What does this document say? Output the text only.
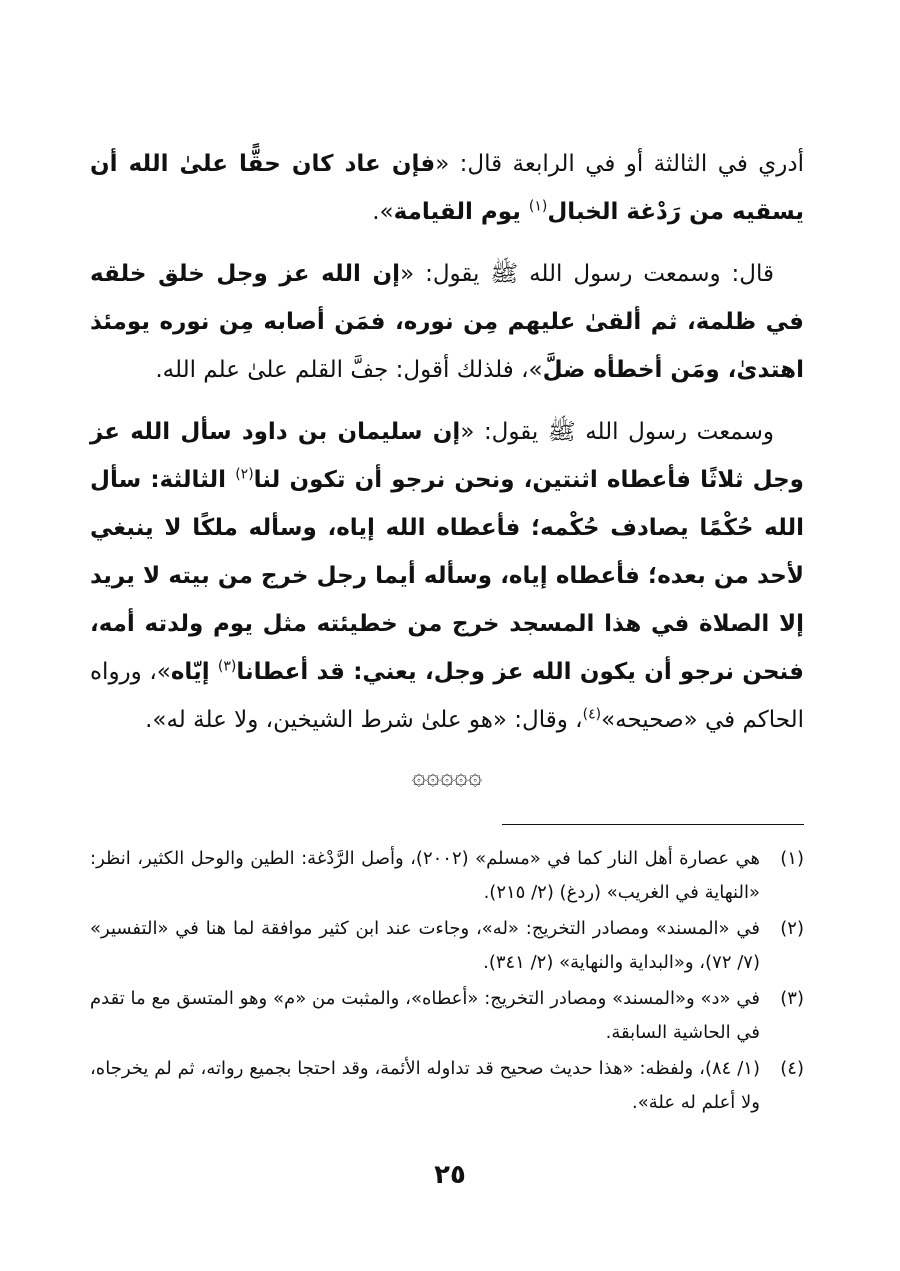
أدري في الثالثة أو في الرابعة قال: «فإن عاد كان حقًّا علىٰ الله أن يسقيه من رَدْغة الخبال$^{(١)}$ يوم القيامة».

قال: وسمعت رسول الله ﷺ يقول: «إن الله عز وجل خلق خلقه في ظلمة، ثم ألقىٰ عليهم مِن نوره، فمَن أصابه مِن نوره يومئذ اهتدىٰ، ومَن أخطأه ضلَّ»، فلذلك أقول: جفَّ القلم علىٰ علم الله.

وسمعت رسول الله ﷺ يقول: «إن سليمان بن داود سأل الله عز وجل ثلاثًا فأعطاه اثنتين، ونحن نرجو أن تكون لنا$^{(٢)}$ الثالثة: سأل الله حُكْمًا يصادف حُكْمه؛ فأعطاه الله إياه، وسأله ملكًا لا ينبغي لأحد من بعده؛ فأعطاه إياه، وسأله أيما رجل خرج من بيته لا يريد إلا الصلاة في هذا المسجد خرج من خطيئته مثل يوم ولدته أمه، فنحن نرجو أن يكون الله عز وجل، يعني: قد أعطانا$^{(٣)}$ إيّاه»، ورواه الحاكم في «صحيحه»$^{(٤)}$، وقال: «هو علىٰ شرط الشيخين، ولا علة له».

۞۞۞۞۞
(١)
هي عصارة أهل النار كما في «مسلم» (٢٠٠٢)، وأصل الرَّدْغة: الطين والوحل الكثير، انظر: «النهاية في الغريب» (ردغ) (٢/ ٢١٥).
(٢)
في «المسند» ومصادر التخريج: «له»، وجاءت عند ابن كثير موافقة لما هنا في «التفسير» (٧/ ٧٢)، و«البداية والنهاية» (٢/ ٣٤١).
(٣)
في «د» و«المسند» ومصادر التخريج: «أعطاه»، والمثبت من «م» وهو المتسق مع ما تقدم في الحاشية السابقة.
(٤)
(١/ ٨٤)، ولفظه: «هذا حديث صحيح قد تداوله الأئمة، وقد احتجا بجميع رواته، ثم لم يخرجاه، ولا أعلم له علة».
٢٥
